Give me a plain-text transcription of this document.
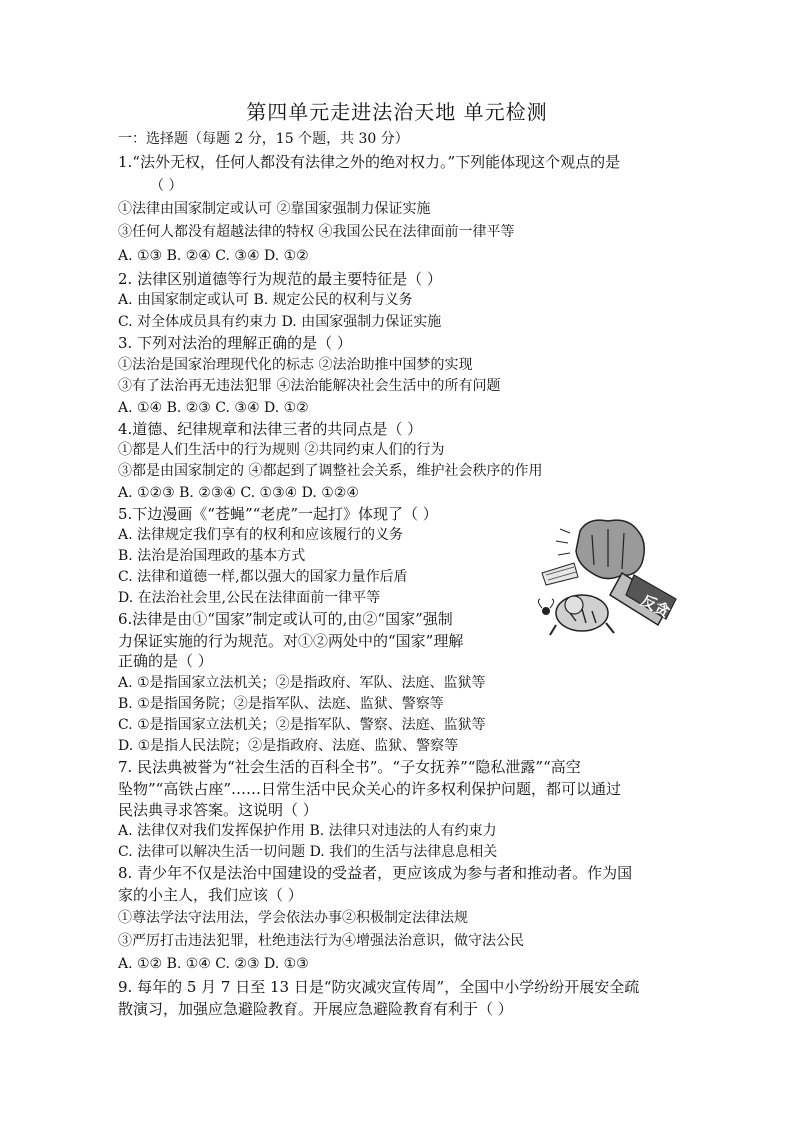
第四单元走进法治天地 单元检测
一：选择题（每题 2 分，15 个题，共 30 分）
1.“法外无权，任何人都没有法律之外的绝对权力。”下列能体现这个观点的是
（ ）
①法律由国家制定或认可 ②靠国家强制力保证实施
③任何人都没有超越法律的特权 ④我国公民在法律面前一律平等
A. ①③ B. ②④ C. ③④ D. ①②
2. 法律区别道德等行为规范的最主要特征是（ ）
A. 由国家制定或认可 B. 规定公民的权利与义务
C. 对全体成员具有约束力 D. 由国家强制力保证实施
3. 下列对法治的理解正确的是（ ）
①法治是国家治理现代化的标志 ②法治助推中国梦的实现
③有了法治再无违法犯罪 ④法治能解决社会生活中的所有问题
A. ①④ B. ②③ C. ③④ D. ①②
4.道德、纪律规章和法律三者的共同点是（ ）
①都是人们生活中的行为规则 ②共同约束人们的行为
③都是由国家制定的 ④都起到了调整社会关系，维护社会秩序的作用
A. ①②③ B. ②③④ C. ①③④ D. ①②④
5.下边漫画《“苍蝇”“老虎”一起打》体现了（ ）
A. 法律规定我们享有的权利和应该履行的义务
B. 法治是治国理政的基本方式
C. 法律和道德一样,都以强大的国家力量作后盾
D. 在法治社会里,公民在法律面前一律平等
6.法律是由①“国家”制定或认可的,由②“国家”强制
力保证实施的行为规范。对①②两处中的“国家”理解
正确的是（ ）
A. ①是指国家立法机关；②是指政府、军队、法庭、监狱等
B. ①是指国务院；②是指军队、法庭、监狱、警察等
C. ①是指国家立法机关；②是指军队、警察、法庭、监狱等
D. ①是指人民法院；②是指政府、法庭、监狱、警察等
7. 民法典被誉为“社会生活的百科全书”。“子女抚养”“隐私泄露”“高空
坠物”“高铁占座”……日常生活中民众关心的许多权利保护问题，都可以通过
民法典寻求答案。这说明（ ）
A. 法律仅对我们发挥保护作用 B. 法律只对违法的人有约束力
C. 法律可以解决生活一切问题 D. 我们的生活与法律息息相关
8. 青少年不仅是法治中国建设的受益者，更应该成为参与者和推动者。作为国
家的小主人，我们应该（ ）
①尊法学法守法用法，学会依法办事②积极制定法律法规
③严厉打击违法犯罪，杜绝违法行为④增强法治意识，做守法公民
A. ①② B. ①④ C. ②③ D. ①③
9. 每年的 5 月 7 日至 13 日是“防灾减灾宣传周”，全国中小学纷纷开展安全疏
散演习，加强应急避险教育。开展应急避险教育有利于（ ）
反贪
